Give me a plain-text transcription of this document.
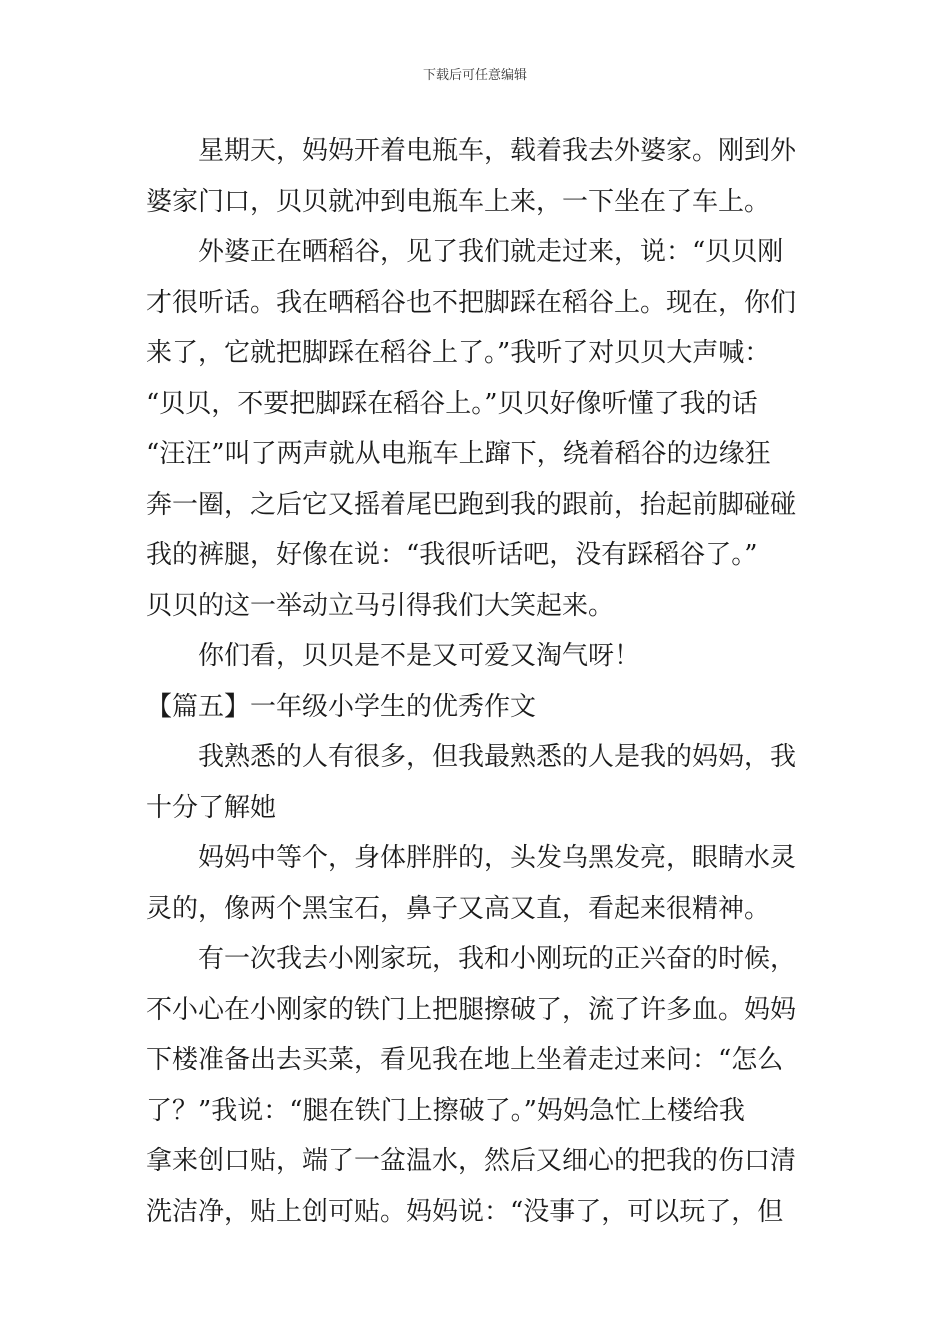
下载后可任意编辑
星期天，妈妈开着电瓶车，载着我去外婆家。刚到外
婆家门口，贝贝就冲到电瓶车上来，一下坐在了车上。
外婆正在晒稻谷，见了我们就走过来，说：“贝贝刚
才很听话。我在晒稻谷也不把脚踩在稻谷上。现在，你们
来了，它就把脚踩在稻谷上了。”我听了对贝贝大声喊：
“贝贝，不要把脚踩在稻谷上。”贝贝好像听懂了我的话
“汪汪”叫了两声就从电瓶车上蹿下，绕着稻谷的边缘狂
奔一圈，之后它又摇着尾巴跑到我的跟前，抬起前脚碰碰
我的裤腿，好像在说：“我很听话吧，没有踩稻谷了。”
贝贝的这一举动立马引得我们大笑起来。
你们看，贝贝是不是又可爱又淘气呀！
【篇五】一年级小学生的优秀作文
我熟悉的人有很多，但我最熟悉的人是我的妈妈，我
十分了解她
妈妈中等个，身体胖胖的，头发乌黑发亮，眼睛水灵
灵的，像两个黑宝石，鼻子又高又直，看起来很精神。
有一次我去小刚家玩，我和小刚玩的正兴奋的时候，
不小心在小刚家的铁门上把腿擦破了，流了许多血。妈妈
下楼准备出去买菜，看见我在地上坐着走过来问：“怎么
了？”我说：“腿在铁门上擦破了。”妈妈急忙上楼给我
拿来创口贴，端了一盆温水，然后又细心的把我的伤口清
洗洁净，贴上创可贴。妈妈说：“没事了，可以玩了，但
